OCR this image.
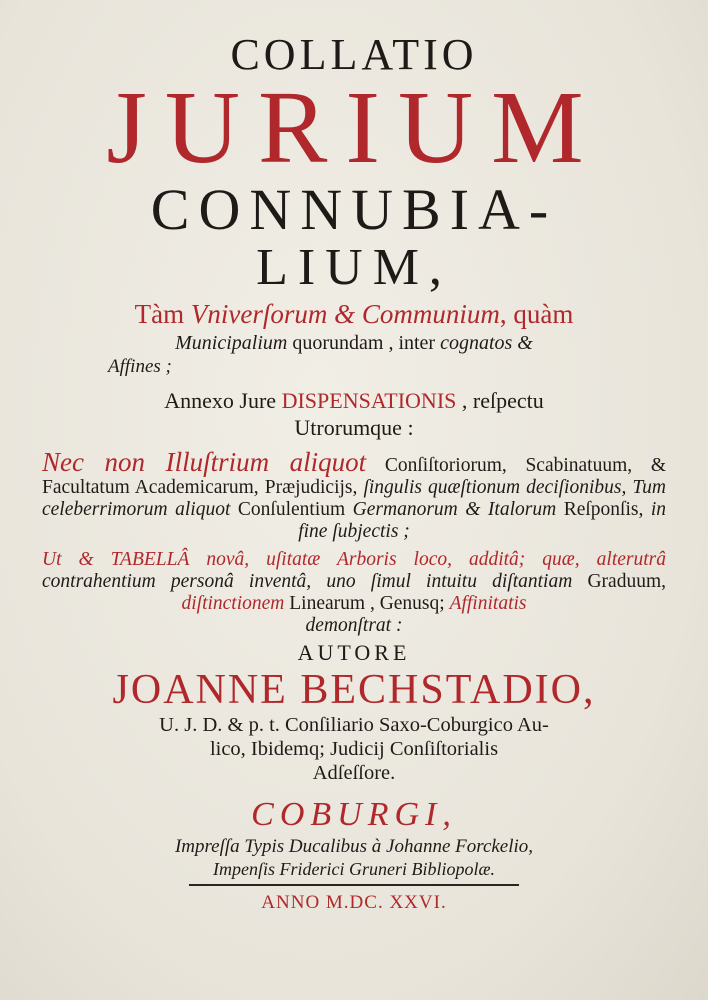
COLLATIO

JURIUM

CONNUBIA-

LIUM,

Tàm Vniverſorum & Communium, quàm

Municipalium quorundam , inter cognatos &

Affines ;

Annexo Jure DISPENSATIONIS , reſpectu

Utrorumque :

Nec non Illuſtrium aliquot Conſiſtoriorum, Scabinatuum, & Facultatum Academicarum, Præjudicijs, ſingulis quæſtionum deciſionibus, Tum celeberrimorum aliquot Conſulentium Germanorum & Italorum Reſponſis, in fine ſubjectis ;

Ut & TABELLÂ novâ, uſitatæ Arboris loco, additâ; quæ, alterutrâ contrahentium personâ inventâ, uno ſimul intuitu diſtantiam Graduum, diſtinctionem Linearum , Genusq; Affinitatis
demonſtrat :

AUTORE

JOANNE BECHSTADIO,

U. J. D. & p. t. Conſiliario Saxo-Coburgico Au-

lico, Ibidemq; Judicij Conſiſtorialis

Adſeſſore.

COBURGI,

Impreſſa Typis Ducalibus à Johanne Forckelio,

Impenſis Friderici Gruneri Bibliopolæ.

ANNO M.DC. XXVI.
